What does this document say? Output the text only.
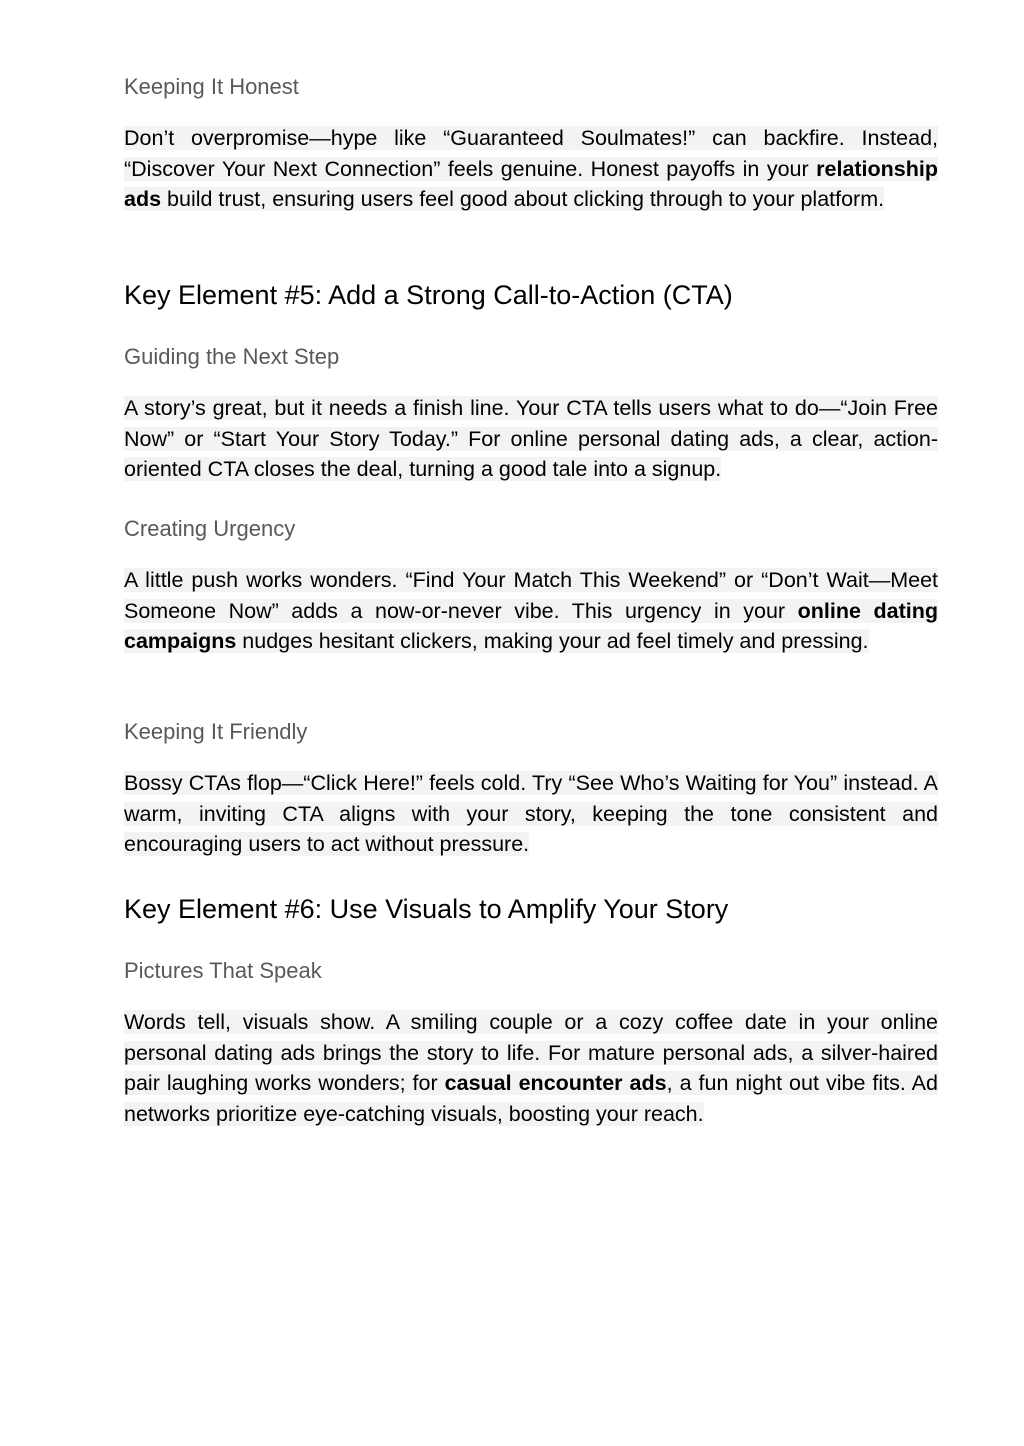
Keeping It Honest

Don’t overpromise—hype like “Guaranteed Soulmates!” can backfire. Instead, “Discover Your Next Connection” feels genuine. Honest payoffs in your relationship ads build trust, ensuring users feel good about clicking through to your platform.

Key Element #5: Add a Strong Call-to-Action (CTA)
Guiding the Next Step

A story’s great, but it needs a finish line. Your CTA tells users what to do—“Join Free Now” or “Start Your Story Today.” For online personal dating ads, a clear, action-oriented CTA closes the deal, turning a good tale into a signup.

Creating Urgency

A little push works wonders. “Find Your Match This Weekend” or “Don’t Wait—Meet Someone Now” adds a now-or-never vibe. This urgency in your online dating campaigns nudges hesitant clickers, making your ad feel timely and pressing.

Keeping It Friendly

Bossy CTAs flop—“Click Here!” feels cold. Try “See Who’s Waiting for You” instead. A warm, inviting CTA aligns with your story, keeping the tone consistent and encouraging users to act without pressure.

Key Element #6: Use Visuals to Amplify Your Story
Pictures That Speak

Words tell, visuals show. A smiling couple or a cozy coffee date in your online personal dating ads brings the story to life. For mature personal ads, a silver-haired pair laughing works wonders; for casual encounter ads, a fun night out vibe fits. Ad networks prioritize eye-catching visuals, boosting your reach.
